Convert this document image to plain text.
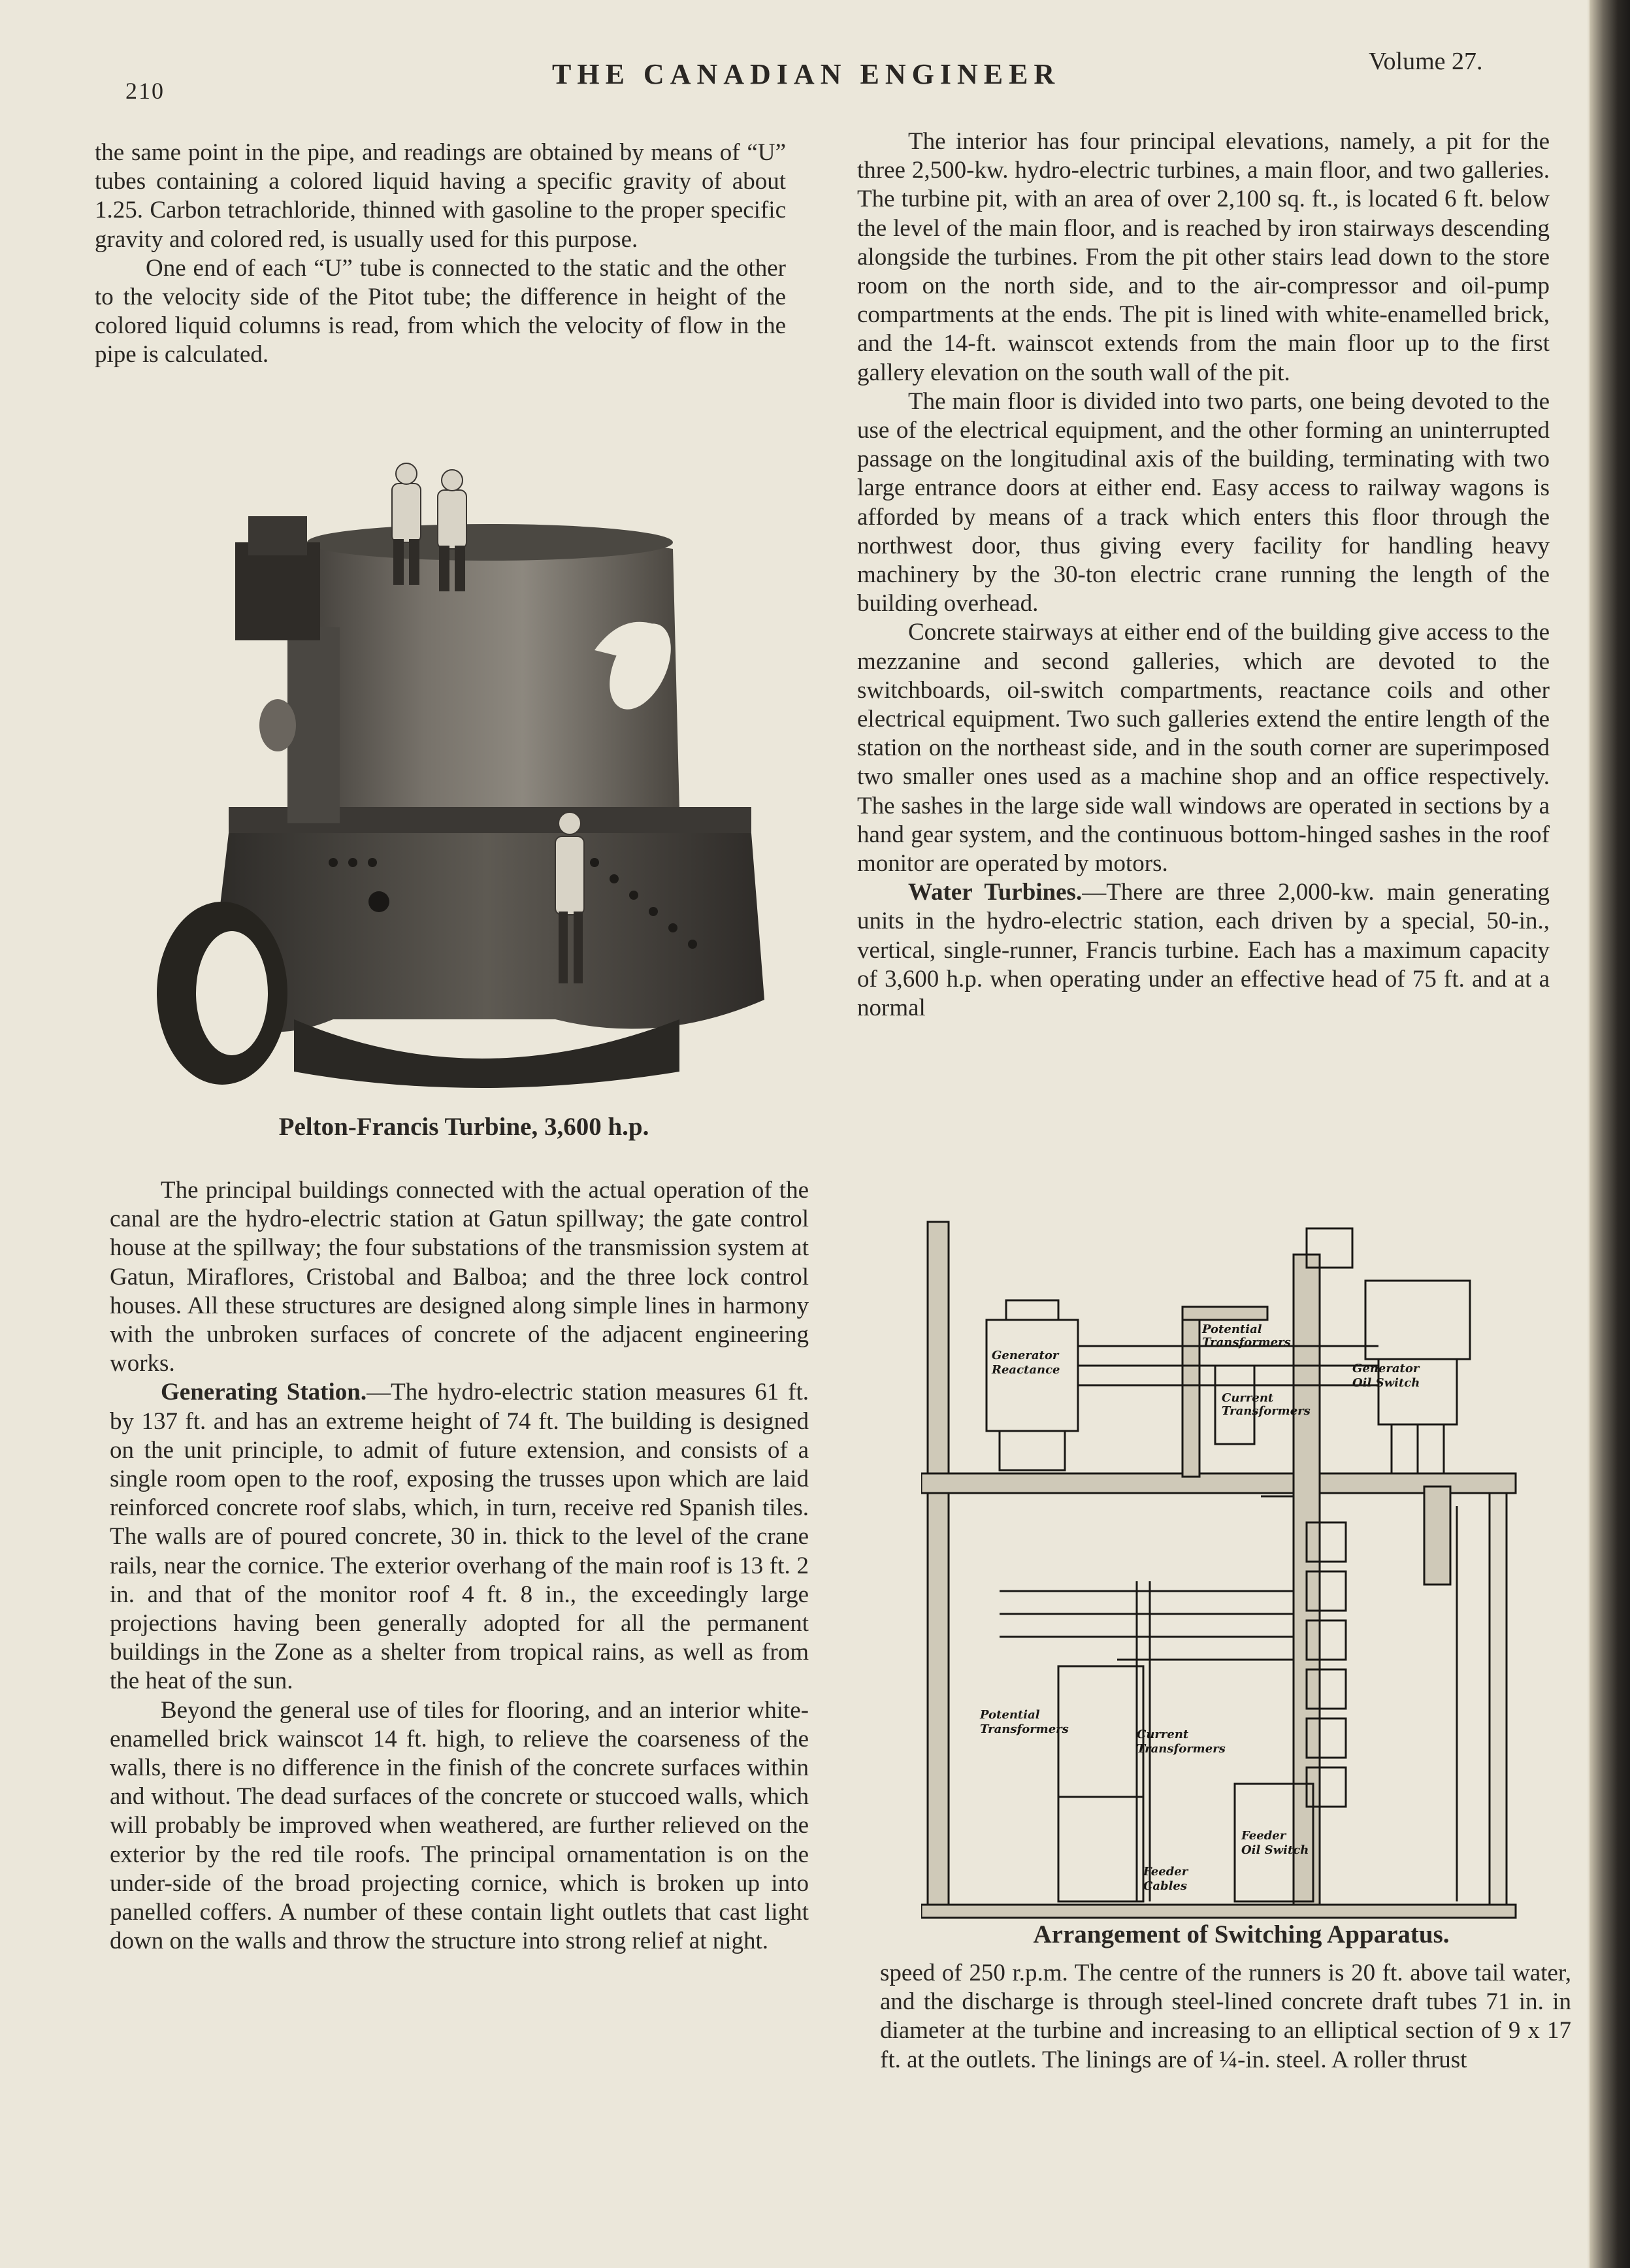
210
THE CANADIAN ENGINEER	Volume 27.

the same point in the pipe, and readings are obtained by means of “U” tubes containing a colored liquid having a specific gravity of about 1.25. Carbon tetrachloride, thinned with gasoline to the proper specific gravity and colored red, is usually used for this purpose.

One end of each “U” tube is connected to the static and the other to the velocity side of the Pitot tube; the difference in height of the colored liquid columns is read, from which the velocity of flow in the pipe is calculated.

Pelton-Francis Turbine, 3,600 h.p.

The principal buildings connected with the actual operation of the canal are the hydro-electric station at Gatun spillway; the gate control house at the spillway; the four substations of the transmission system at Gatun, Miraflores, Cristobal and Balboa; and the three lock control houses. All these structures are designed along simple lines in harmony with the unbroken surfaces of concrete of the adjacent engineering works.

Generating Station.—The hydro-electric station measures 61 ft. by 137 ft. and has an extreme height of 74 ft. The building is designed on the unit principle, to admit of future extension, and consists of a single room open to the roof, exposing the trusses upon which are laid reinforced concrete roof slabs, which, in turn, receive red Spanish tiles. The walls are of poured concrete, 30 in. thick to the level of the crane rails, near the cornice. The exterior overhang of the main roof is 13 ft. 2 in. and that of the monitor roof 4 ft. 8 in., the exceedingly large projections having been generally adopted for all the permanent buildings in the Zone as a shelter from tropical rains, as well as from the heat of the sun.

Beyond the general use of tiles for flooring, and an interior white-enamelled brick wainscot 14 ft. high, to relieve the coarseness of the walls, there is no difference in the finish of the concrete surfaces within and without. The dead surfaces of the concrete or stuccoed walls, which will probably be improved when weathered, are further relieved on the exterior by the red tile roofs. The principal ornamentation is on the under-side of the broad projecting cornice, which is broken up into panelled coffers. A number of these contain light outlets that cast light down on the walls and throw the structure into strong relief at night.

The interior has four principal elevations, namely, a pit for the three 2,500-kw. hydro-electric turbines, a main floor, and two galleries. The turbine pit, with an area of over 2,100 sq. ft., is located 6 ft. below the level of the main floor, and is reached by iron stairways descending alongside the turbines. From the pit other stairs lead down to the store room on the north side, and to the air-compressor and oil-pump compartments at the ends. The pit is lined with white-enamelled brick, and the 14-ft. wainscot extends from the main floor up to the first gallery elevation on the south wall of the pit.

The main floor is divided into two parts, one being devoted to the use of the electrical equipment, and the other forming an uninterrupted passage on the longitudinal axis of the building, terminating with two large entrance doors at either end. Easy access to railway wagons is afforded by means of a track which enters this floor through the northwest door, thus giving every facility for handling heavy machinery by the 30-ton electric crane running the length of the building overhead.

Concrete stairways at either end of the building give access to the mezzanine and second galleries, which are devoted to the switchboards, oil-switch compartments, reactance coils and other electrical equipment. Two such galleries extend the entire length of the station on the northeast side, and in the south corner are superimposed two smaller ones used as a machine shop and an office respectively. The sashes in the large side wall windows are operated in sections by a hand gear system, and the continuous bottom-hinged sashes in the roof monitor are operated by motors.

Water Turbines.—There are three 2,000-kw. main generating units in the hydro-electric station, each driven by a special, 50-in., vertical, single-runner, Francis turbine. Each has a maximum capacity of 3,600 h.p. when operating under an effective head of 75 ft. and at a normal

Generator
Reactance
Potential
Transformers
Current
Transformers
Generator
Oil Switch
Potential
Transformers	Current
Transformers
Feeder
Oil Switch
Feeder
Cables
Arrangement of Switching Apparatus.

speed of 250 r.p.m. The centre of the runners is 20 ft. above tail water, and the discharge is through steel-lined concrete draft tubes 71 in. in diameter at the turbine and increasing to an elliptical section of 9 x 17 ft. at the outlets. The linings are of ¼-in. steel. A roller thrust
